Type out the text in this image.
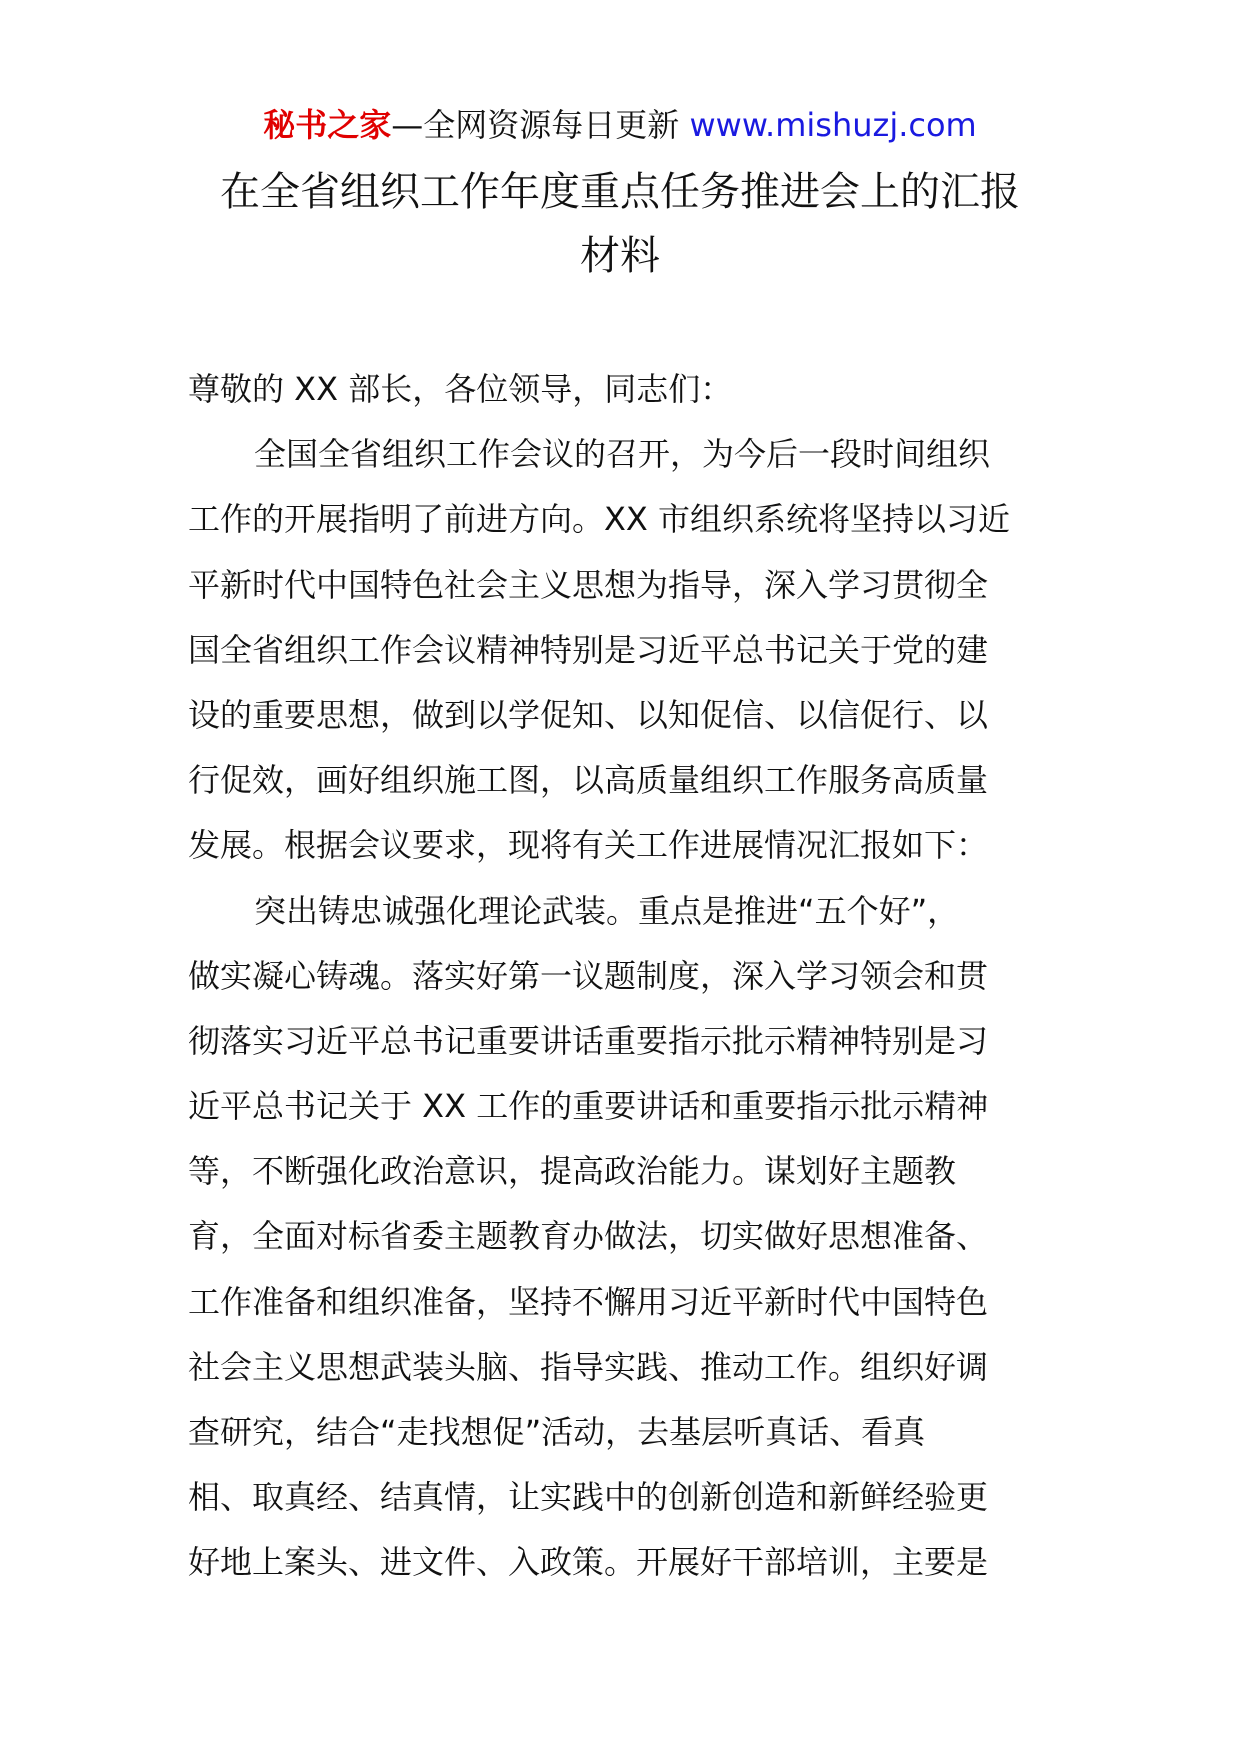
秘书之家—全网资源每日更新 www.mishuzj.com
在全省组织工作年度重点任务推进会上的汇报
材料
尊敬的 XX 部长，各位领导，同志们：
全国全省组织工作会议的召开，为今后一段时间组织
工作的开展指明了前进方向。XX 市组织系统将坚持以习近
平新时代中国特色社会主义思想为指导，深入学习贯彻全
国全省组织工作会议精神特别是习近平总书记关于党的建
设的重要思想，做到以学促知、以知促信、以信促行、以
行促效，画好组织施工图，以高质量组织工作服务高质量
发展。根据会议要求，现将有关工作进展情况汇报如下：
突出铸忠诚强化理论武装。重点是推进“五个好”，
做实凝心铸魂。落实好第一议题制度，深入学习领会和贯
彻落实习近平总书记重要讲话重要指示批示精神特别是习
近平总书记关于 XX 工作的重要讲话和重要指示批示精神
等，不断强化政治意识，提高政治能力。谋划好主题教
育，全面对标省委主题教育办做法，切实做好思想准备、
工作准备和组织准备，坚持不懈用习近平新时代中国特色
社会主义思想武装头脑、指导实践、推动工作。组织好调
查研究，结合“走找想促”活动，去基层听真话、看真
相、取真经、结真情，让实践中的创新创造和新鲜经验更
好地上案头、进文件、入政策。开展好干部培训，主要是
